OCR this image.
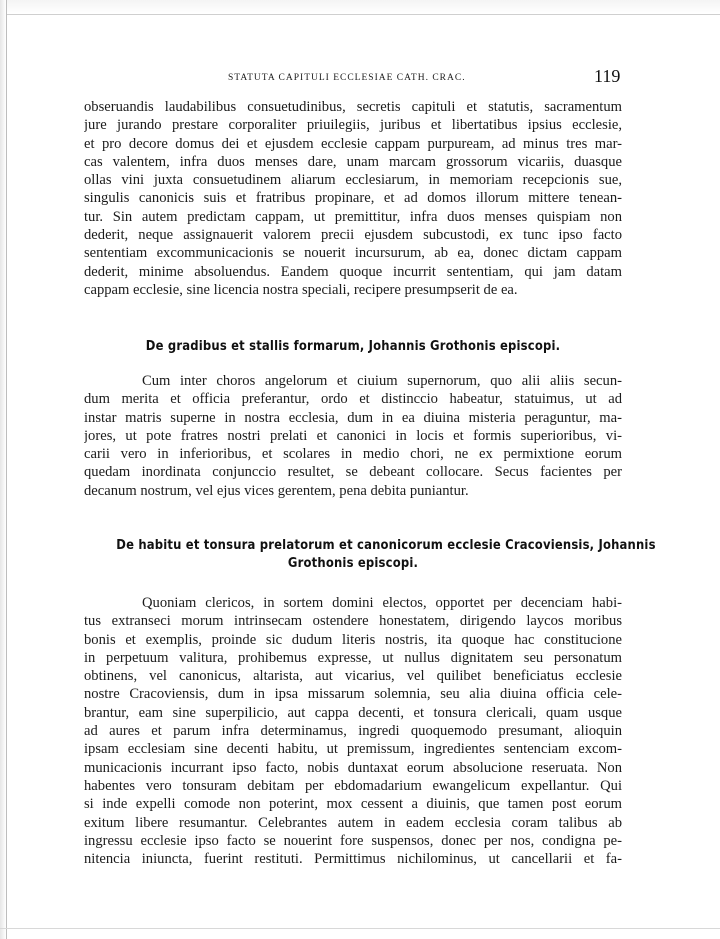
STATUTA CAPITULI ECCLESIAE CATH. CRAC.	119
obseruandis laudabilibus consuetudinibus, secretis capituli et statutis, sacramentum
jure jurando prestare corporaliter priuilegiis, juribus et libertatibus ipsius ecclesie,
et pro decore domus dei et ejusdem ecclesie cappam purpuream, ad minus tres mar-
cas valentem, infra duos menses dare, unam marcam grossorum vicariis, duasque
ollas vini juxta consuetudinem aliarum ecclesiarum, in memoriam recepcionis sue,
singulis canonicis suis et fratribus propinare, et ad domos illorum mittere tenean-
tur. Sin autem predictam cappam, ut premittitur, infra duos menses quispiam non
dederit, neque assignauerit valorem precii ejusdem subcustodi, ex tunc ipso facto
sententiam excommunicacionis se nouerit incursurum, ab ea, donec dictam cappam
dederit, minime absoluendus. Eandem quoque incurrit sententiam, qui jam datam
cappam ecclesie, sine licencia nostra speciali, recipere presumpserit de ea.
De gradibus et stallis formarum, Johannis Grothonis episcopi.
Cum inter choros angelorum et ciuium supernorum, quo alii aliis secun-
dum merita et officia preferantur, ordo et distinccio habeatur, statuimus, ut ad
instar matris superne in nostra ecclesia, dum in ea diuina misteria peraguntur, ma-
jores, ut pote fratres nostri prelati et canonici in locis et formis superioribus, vi-
carii vero in inferioribus, et scolares in medio chori, ne ex permixtione eorum
quedam inordinata conjunccio resultet, se debeant collocare. Secus facientes per
decanum nostrum, vel ejus vices gerentem, pena debita puniantur.
De habitu et tonsura prelatorum et canonicorum ecclesie Cracoviensis, Johannis
Grothonis episcopi.
Quoniam clericos, in sortem domini electos, opportet per decenciam habi-
tus extranseci morum intrinsecam ostendere honestatem, dirigendo laycos moribus
bonis et exemplis, proinde sic dudum literis nostris, ita quoque hac constitucione
in perpetuum valitura, prohibemus expresse, ut nullus dignitatem seu personatum
obtinens, vel canonicus, altarista, aut vicarius, vel quilibet beneficiatus ecclesie
nostre Cracoviensis, dum in ipsa missarum solemnia, seu alia diuina officia cele-
brantur, eam sine superpilicio, aut cappa decenti, et tonsura clericali, quam usque
ad aures et parum infra determinamus, ingredi quoquemodo presumant, alioquin
ipsam ecclesiam sine decenti habitu, ut premissum, ingredientes sentenciam excom-
municacionis incurrant ipso facto, nobis duntaxat eorum absolucione reseruata. Non
habentes vero tonsuram debitam per ebdomadarium ewangelicum expellantur. Qui
si inde expelli comode non poterint, mox cessent a diuinis, que tamen post eorum
exitum libere resumantur. Celebrantes autem in eadem ecclesia coram talibus ab
ingressu ecclesie ipso facto se nouerint fore suspensos, donec per nos, condigna pe-
nitencia iniuncta, fuerint restituti. Permittimus nichilominus, ut cancellarii et fa-
